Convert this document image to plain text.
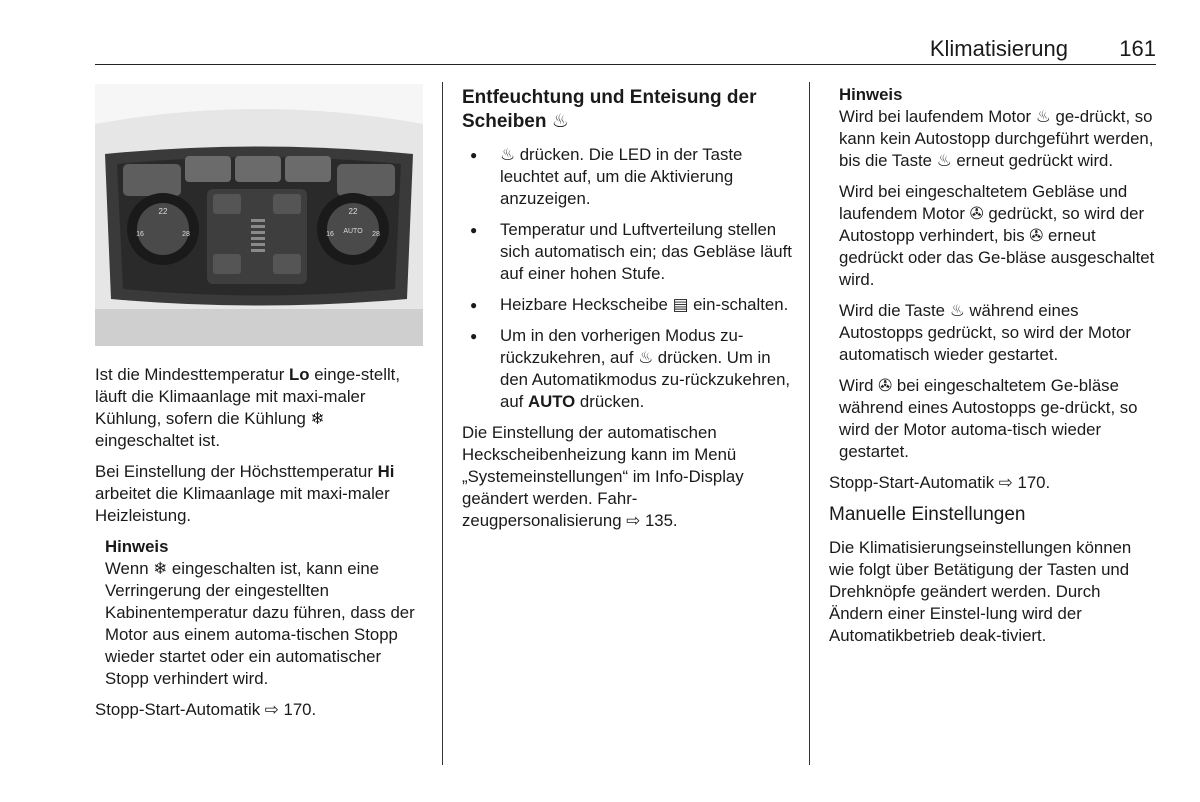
Klimatisierung 161
22
16	28
22
AUTO
16	28

Ist die Mindesttemperatur Lo einge-stellt, läuft die Klimaanlage mit maxi-maler Kühlung, sofern die Kühlung ❄ eingeschaltet ist.

Bei Einstellung der Höchsttemperatur Hi arbeitet die Klimaanlage mit maxi-maler Heizleistung.

Hinweis
Wenn ❄ eingeschalten ist, kann eine Verringerung der eingestellten Kabinentemperatur dazu führen, dass der Motor aus einem automa-tischen Stopp wieder startet oder ein automatischer Stopp verhindert wird.

Stopp-Start-Automatik ⇨ 170.

Entfeuchtung und Enteisung der Scheiben ♨
● ♨ drücken. Die LED in der Taste leuchtet auf, um die Aktivierung anzuzeigen.
● Temperatur und Luftverteilung stellen sich automatisch ein; das Gebläse läuft auf einer hohen Stufe.
● Heizbare Heckscheibe ▤ ein-schalten.
● Um in den vorherigen Modus zu-rückzukehren, auf ♨ drücken. Um in den Automatikmodus zu-rückzukehren, auf AUTO drücken.

Die Einstellung der automatischen Heckscheibenheizung kann im Menü „Systemeinstellungen“ im Info-Display geändert werden. Fahr-zeugpersonalisierung ⇨ 135.

Hinweis

Wird bei laufendem Motor ♨ ge-drückt, so kann kein Autostopp durchgeführt werden, bis die Taste ♨ erneut gedrückt wird.

Wird bei eingeschaltetem Gebläse und laufendem Motor ✇ gedrückt, so wird der Autostopp verhindert, bis ✇ erneut gedrückt oder das Ge-bläse ausgeschaltet wird.

Wird die Taste ♨ während eines Autostopps gedrückt, so wird der Motor automatisch wieder gestartet.

Wird ✇ bei eingeschaltetem Ge-bläse während eines Autostopps ge-drückt, so wird der Motor automa-tisch wieder gestartet.

Stopp-Start-Automatik ⇨ 170.

Manuelle Einstellungen

Die Klimatisierungseinstellungen können wie folgt über Betätigung der Tasten und Drehknöpfe geändert werden. Durch Ändern einer Einstel-lung wird der Automatikbetrieb deak-tiviert.
